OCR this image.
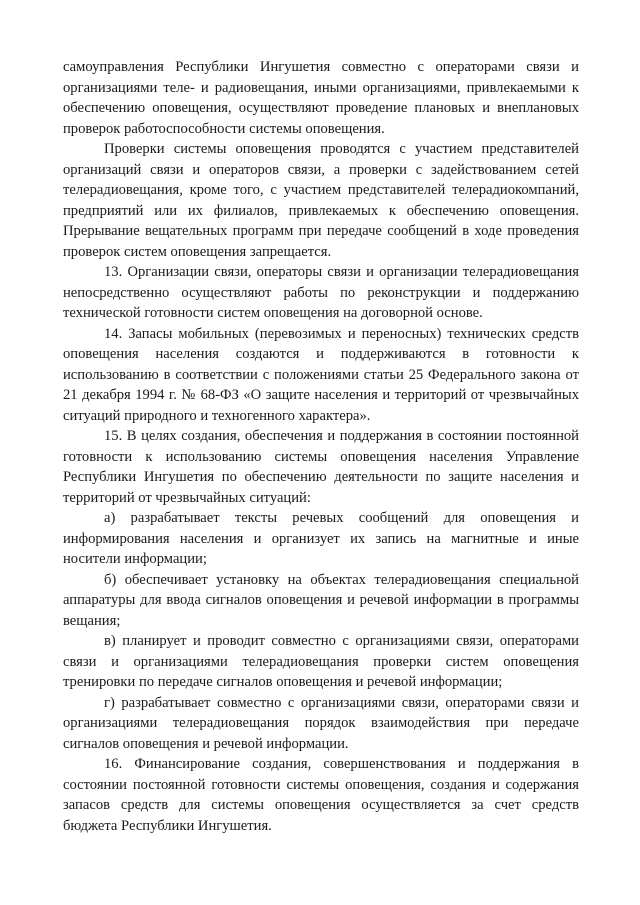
самоуправления Республики Ингушетия совместно с операторами связи и организациями теле- и радиовещания, иными организациями, привлекаемыми к обеспечению оповещения, осуществляют проведение плановых и внеплановых проверок работоспособности системы оповещения.

Проверки системы оповещения проводятся с участием представителей организаций связи и операторов связи, а проверки с задействованием сетей телерадиовещания, кроме того, с участием представителей телерадиокомпаний, предприятий или их филиалов, привлекаемых к обеспечению оповещения. Прерывание вещательных программ при передаче сообщений в ходе проведения проверок систем оповещения запрещается.

13. Организации связи, операторы связи и организации телерадиовещания непосредственно осуществляют работы по реконструкции и поддержанию технической готовности систем оповещения на договорной основе.

14. Запасы мобильных (перевозимых и переносных) технических средств оповещения населения создаются и поддерживаются в готовности к использованию в соответствии с положениями статьи 25 Федерального закона от 21 декабря 1994 г. № 68-ФЗ «О защите населения и территорий от чрезвычайных ситуаций природного и техногенного характера».

15. В целях создания, обеспечения и поддержания в состоянии постоянной готовности к использованию системы оповещения населения Управление Республики Ингушетия по обеспечению деятельности по защите населения и территорий от чрезвычайных ситуаций:

а) разрабатывает тексты речевых сообщений для оповещения и информирования населения и организует их запись на магнитные и иные носители информации;

б) обеспечивает установку на объектах телерадиовещания специальной аппаратуры для ввода сигналов оповещения и речевой информации в программы вещания;

в) планирует и проводит совместно с организациями связи, операторами связи и организациями телерадиовещания проверки систем оповещения тренировки по передаче сигналов оповещения и речевой информации;

г) разрабатывает совместно с организациями связи, операторами связи и организациями телерадиовещания порядок взаимодействия при передаче сигналов оповещения и речевой информации.

16. Финансирование создания, совершенствования и поддержания в состоянии постоянной готовности системы оповещения, создания и содержания запасов средств для системы оповещения осуществляется за счет средств бюджета Республики Ингушетия.
